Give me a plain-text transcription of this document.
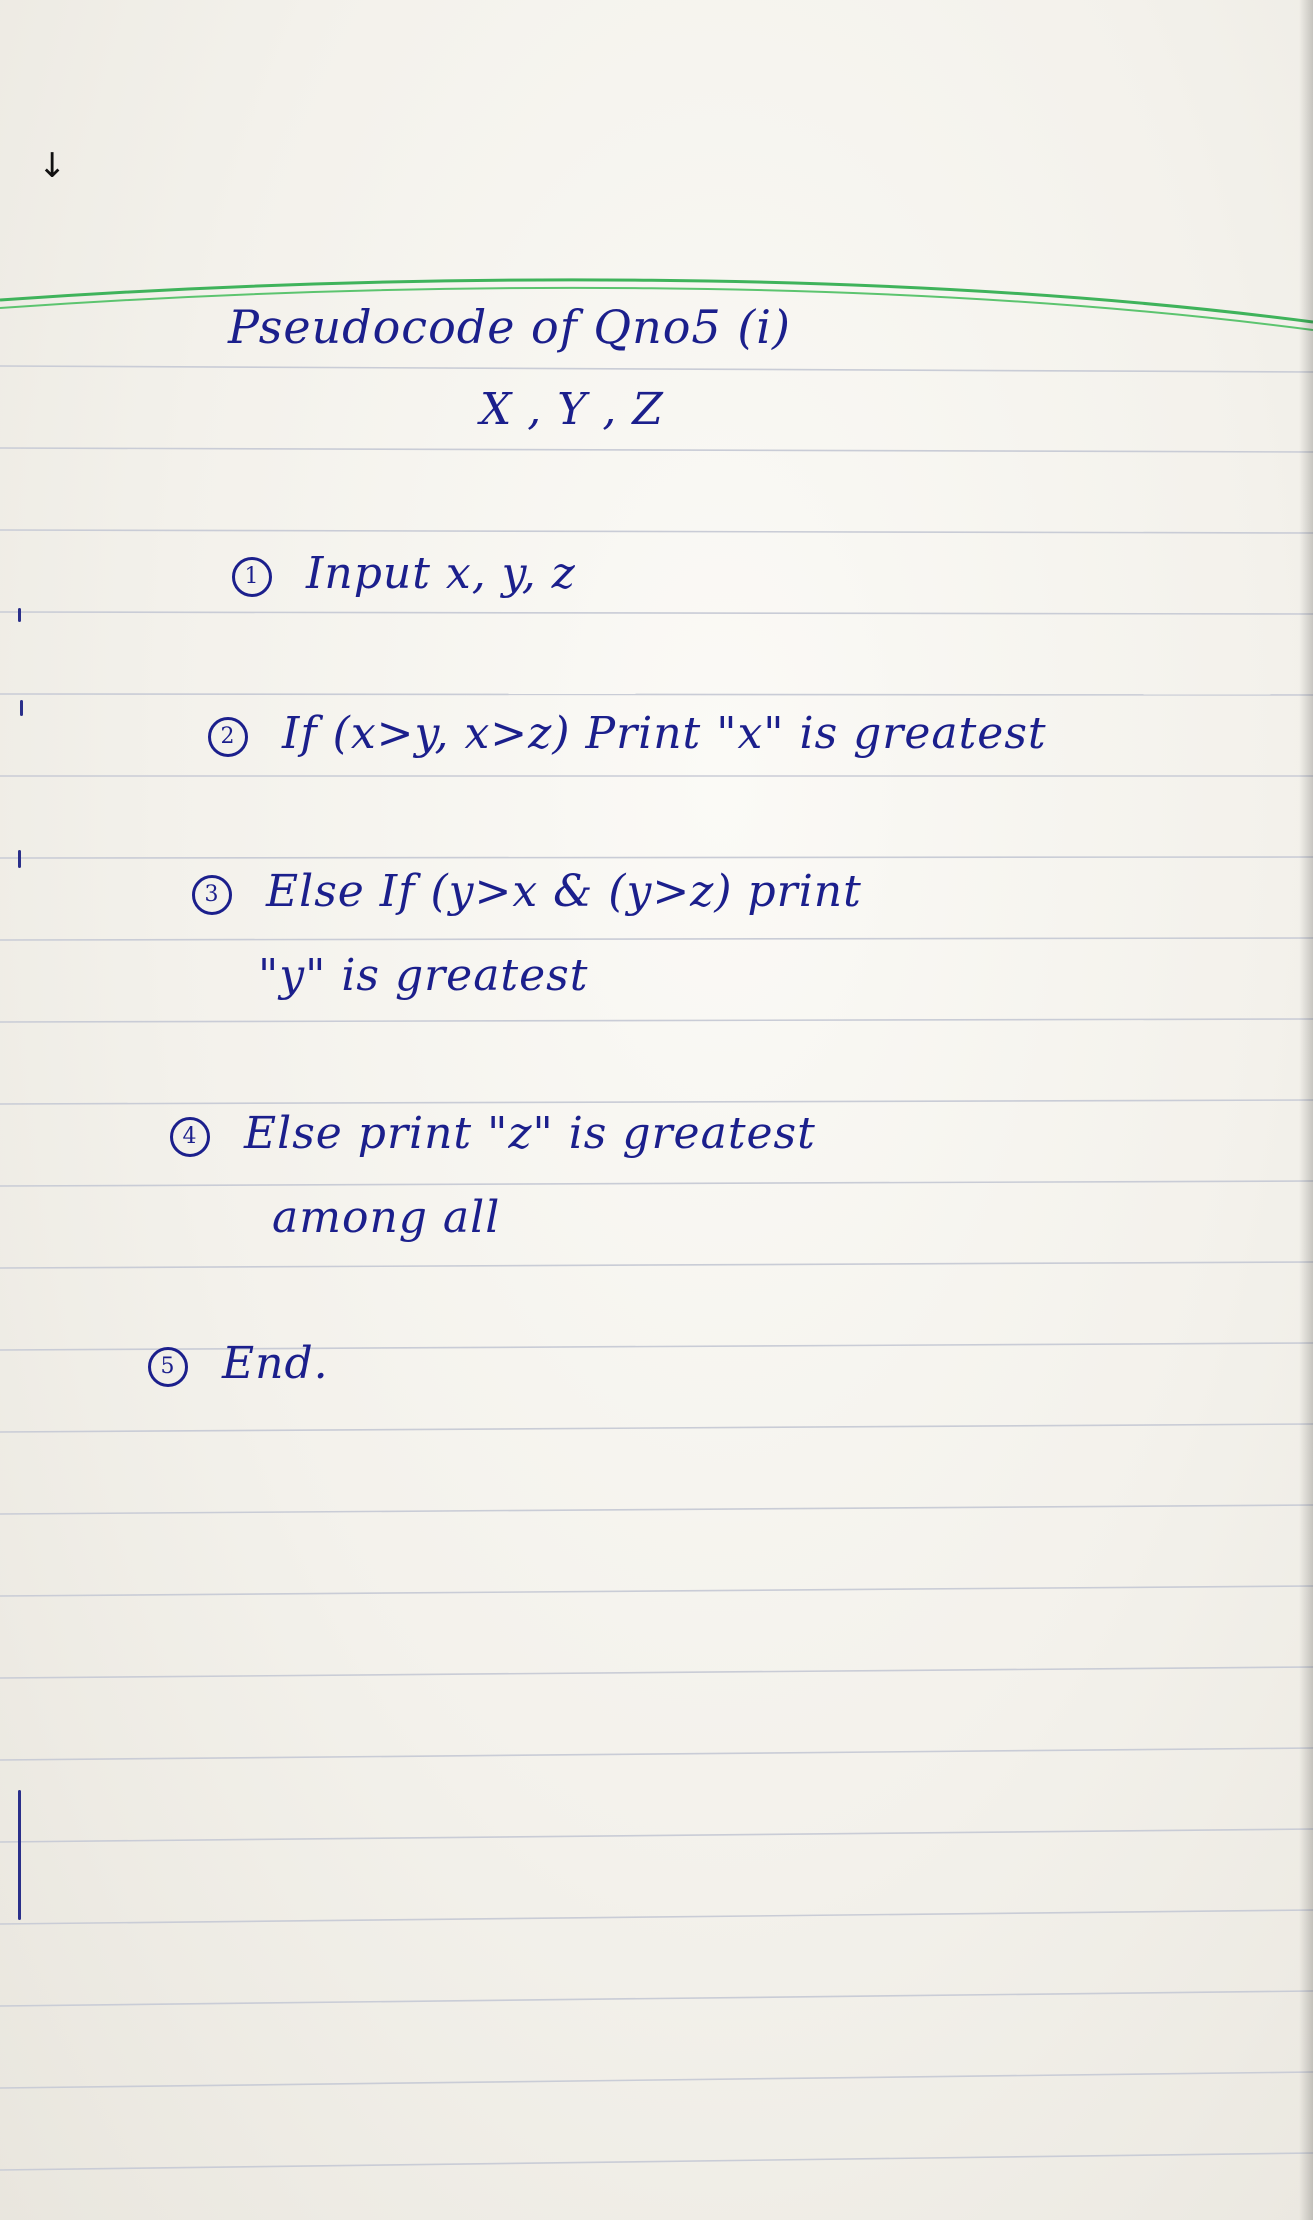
↓
Pseudocode of Qno5 (i)
X , Y , Z
1 Input x, y, z
2 If (x>y, x>z) Print "x" is greatest
3 Else If (y>x & (y>z) print
"y" is greatest
4 Else print "z" is greatest
among all
5 End.
